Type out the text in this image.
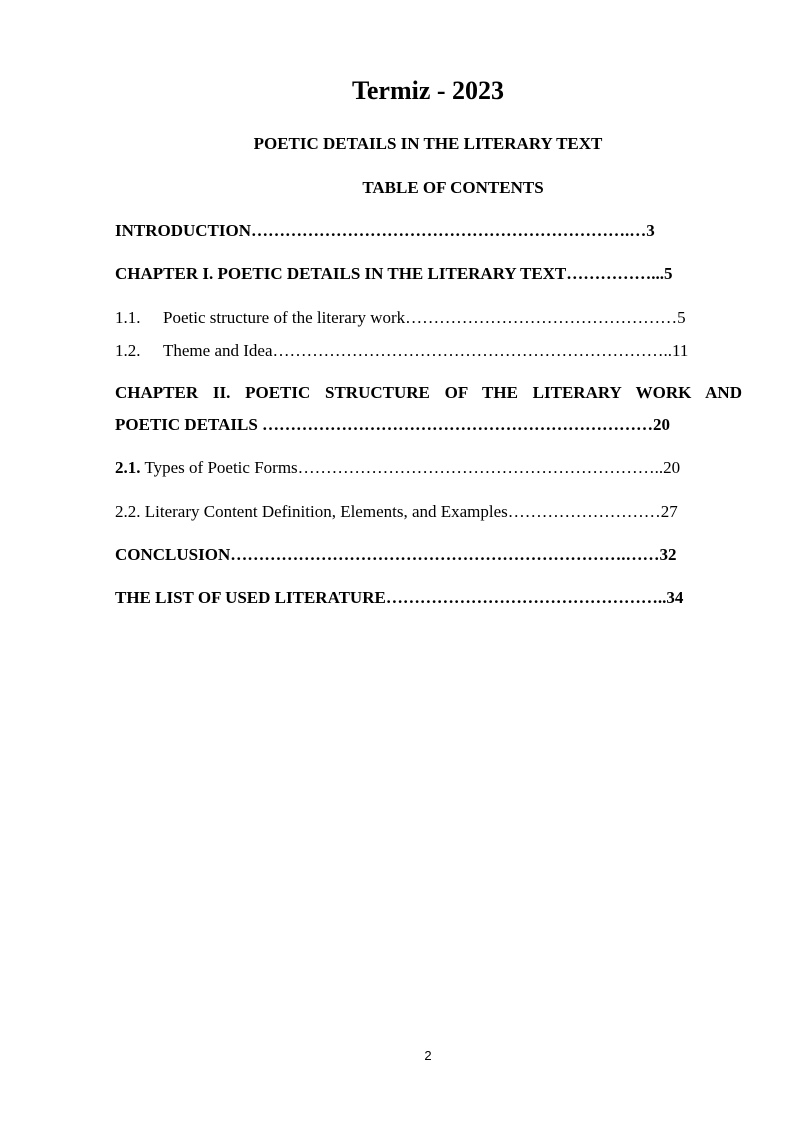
Termiz - 2023
POETIC DETAILS IN THE LITERARY TEXT
TABLE OF CONTENTS
INTRODUCTION………………………………………………………….…3
CHAPTER I. POETIC DETAILS IN THE LITERARY TEXT……………...5
1.1. Poetic structure of the literary work…………………………………………5
1.2. Theme and Idea……………………………………………………………..11
CHAPTER II. POETIC STRUCTURE OF THE LITERARY WORK AND
POETIC DETAILS ……………………………………………………………20
2.1. Types of Poetic Forms………………………………………………………..20
2.2. Literary Content Definition, Elements, and Examples………………………27
CONCLUSION…………………………………………………………….……32
THE LIST OF USED LITERATURE…………………………………………..34
2
